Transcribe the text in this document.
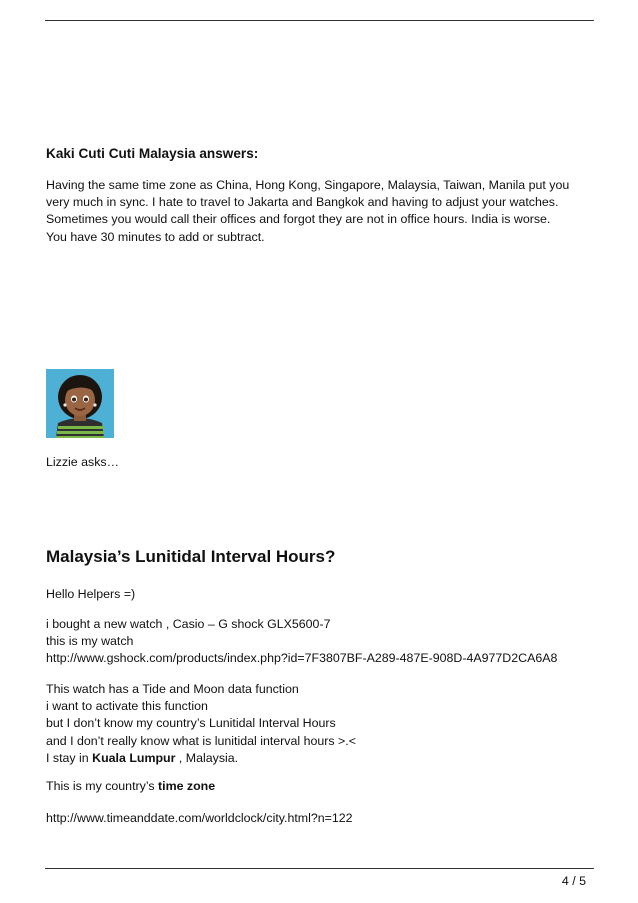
Kaki Cuti Cuti Malaysia answers:

Having the same time zone as China, Hong Kong, Singapore, Malaysia, Taiwan, Manila put you
very much in sync. I hate to travel to Jakarta and Bangkok and having to adjust your watches.
Sometimes you would call their offices and forgot they are not in office hours. India is worse.
You have 30 minutes to add or subtract.

Lizzie asks…

Malaysia’s Lunitidal Interval Hours?

Hello Helpers =)

i bought a new watch , Casio – G shock GLX5600-7
this is my watch
http://www.gshock.com/products/index.php?id=7F3807BF-A289-487E-908D-4A977D2CA6A8

This watch has a Tide and Moon data function
i want to activate this function
but I don’t know my country’s Lunitidal Interval Hours
and I don’t really know what is lunitidal interval hours >.<
I stay in Kuala Lumpur , Malaysia.

This is my country’s time zone

http://www.timeanddate.com/worldclock/city.html?n=122

4 / 5
